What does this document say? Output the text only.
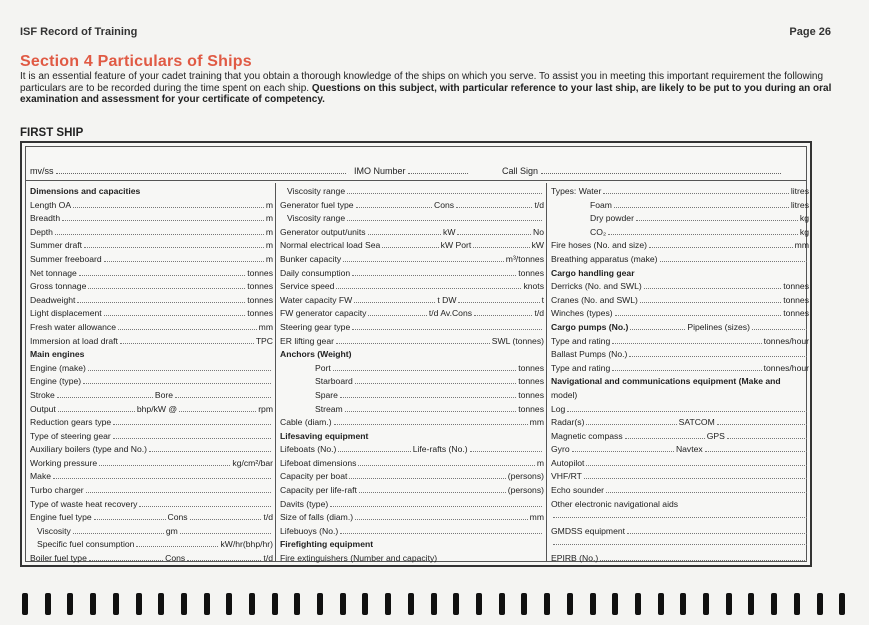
ISF Record of Training	Page 26
Section 4 Particulars of Ships
It is an essential feature of your cadet training that you obtain a thorough knowledge of the ships on which you serve. To assist you in meeting this important requirement the following particulars are to be recorded during the time spent on each ship. Questions on this subject, with particular reference to your last ship, are likely to be put to you during an oral examination and assessment for your certificate of competency.
FIRST SHIP
mv/ss	IMO Number	Call Sign
Dimensions and capacities
Length OA	m
Breadth	m
Depth	m
Summer draft	m
Summer freeboard	m
Net tonnage	tonnes
Gross tonnage	tonnes
Deadweight	tonnes
Light displacement	tonnes
Fresh water allowance	mm
Immersion at load draft	TPC
Main engines
Engine (make)
Engine (type)
Stroke	Bore
Output	bhp/kW @	rpm
Reduction gears type
Type of steering gear
Auxiliary boilers (type and No.)
Working pressure	kg/cm²/bar
Make
Turbo charger
Type of waste heat recovery
Engine fuel type	Cons	t/d
Viscosity	gm
Specific fuel consumption	kW/hr(bhp/hr)
Boiler fuel type	Cons	t/d
Viscosity range
Generator fuel type	Cons	t/d
Viscosity range
Generator output/units	kW	No
Normal electrical load Sea	kW Port	kW
Bunker capacity	m³/tonnes
Daily consumption	tonnes
Service speed	knots
Water capacity FW	t DW	t
FW generator capacity	t/d Av.Cons	t/d
Steering gear type
ER lifting gear	SWL (tonnes)
Anchors (Weight)
Port	tonnes
Starboard	tonnes
Spare	tonnes
Stream	tonnes
Cable (diam.)	mm
Lifesaving equipment
Lifeboats (No.)	Life-rafts (No.)
Lifeboat dimensions	m
Capacity per boat	(persons)
Capacity per life-raft	(persons)
Davits (type)
Size of falls (diam.)	mm
Lifebuoys (No.)
Firefighting equipment
Fire extinguishers (Number and capacity)
Types: Water	litres
Foam	litres
Dry powder	kg
CO₂	kg
Fire hoses (No. and size)	mm
Breathing apparatus (make)
Cargo handling gear
Derricks (No. and SWL)	tonnes
Cranes (No. and SWL)	tonnes
Winches (types)	tonnes
Cargo pumps (No.)	Pipelines (sizes)
Type and rating	tonnes/hour
Ballast Pumps (No.)
Type and rating	tonnes/hour
Navigational and communications equipment (Make and
model)
Log
Radar(s)	SATCOM
Magnetic compass	GPS
Gyro	Navtex
Autopilot
VHF/RT
Echo sounder
Other electronic navigational aids
GMDSS equipment
EPIRB (No.)
